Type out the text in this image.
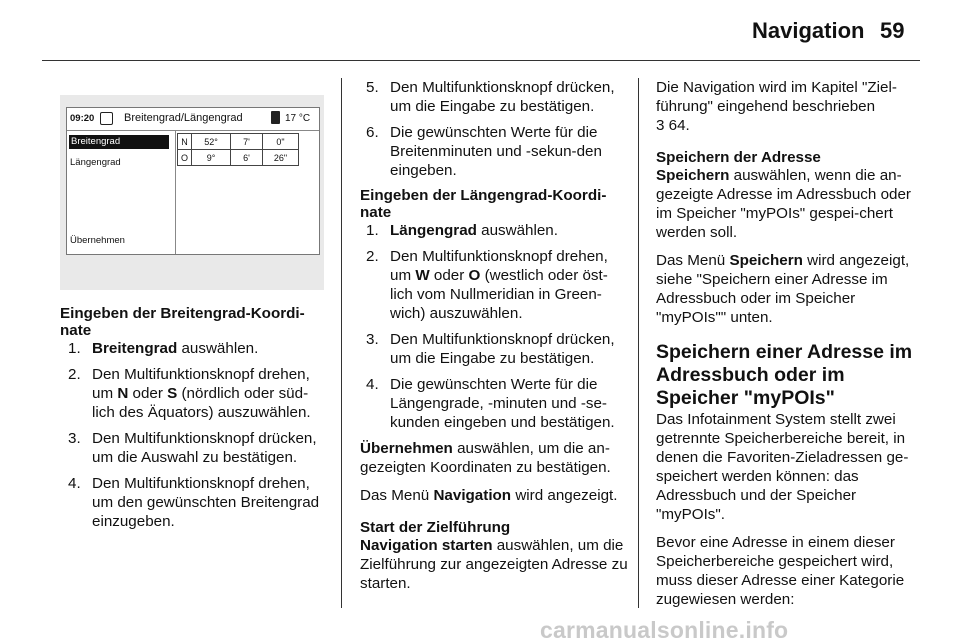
Navigation 59
09:20	Breitengrad/Längengrad	17 °C
Breitengrad
Längengrad
Übernehmen
N	52°	7'	0"
O	9°	6'	26"
Eingeben der Breitengrad-Koordi-
nate
1. Breitengrad auswählen.
2. Den Multifunktionsknopf drehen, um N oder S (nördlich oder süd-lich des Äquators) auszuwählen.
3. Den Multifunktionsknopf drücken, um die Auswahl zu bestätigen.
4. Den Multifunktionsknopf drehen, um den gewünschten Breitengrad einzugeben.
5. Den Multifunktionsknopf drücken, um die Eingabe zu bestätigen.
6. Die gewünschten Werte für die Breitenminuten und -sekun-den eingeben.
Eingeben der Längengrad-Koordi-
nate
1. Längengrad auswählen.
2. Den Multifunktionsknopf drehen, um W oder O (westlich oder öst-lich vom Nullmeridian in Green-wich) auszuwählen.
3. Den Multifunktionsknopf drücken, um die Eingabe zu bestätigen.
4. Die gewünschten Werte für die Längengrade, -minuten und -se-kunden eingeben und bestätigen.

Übernehmen auswählen, um die an-gezeigten Koordinaten zu bestätigen.

Das Menü Navigation wird angezeigt.

Start der Zielführung

Navigation starten auswählen, um die Zielführung zur angezeigten Adresse zu starten.

Die Navigation wird im Kapitel "Ziel-führung" eingehend beschrieben
3 64.

Speichern der Adresse

Speichern auswählen, wenn die an-gezeigte Adresse im Adressbuch oder im Speicher "myPOIs" gespei-chert werden soll.

Das Menü Speichern wird angezeigt, siehe "Speichern einer Adresse im Adressbuch oder im Speicher "myPOIs"" unten.

Speichern einer Adresse im Adressbuch oder im Speicher "myPOIs"

Das Infotainment System stellt zwei getrennte Speicherbereiche bereit, in denen die Favoriten-Zieladressen ge-speichert werden können: das Adressbuch und der Speicher "myPOIs".

Bevor eine Adresse in einem dieser Speicherbereiche gespeichert wird, muss dieser Adresse einer Kategorie zugewiesen werden:

carmanualsonline.info
